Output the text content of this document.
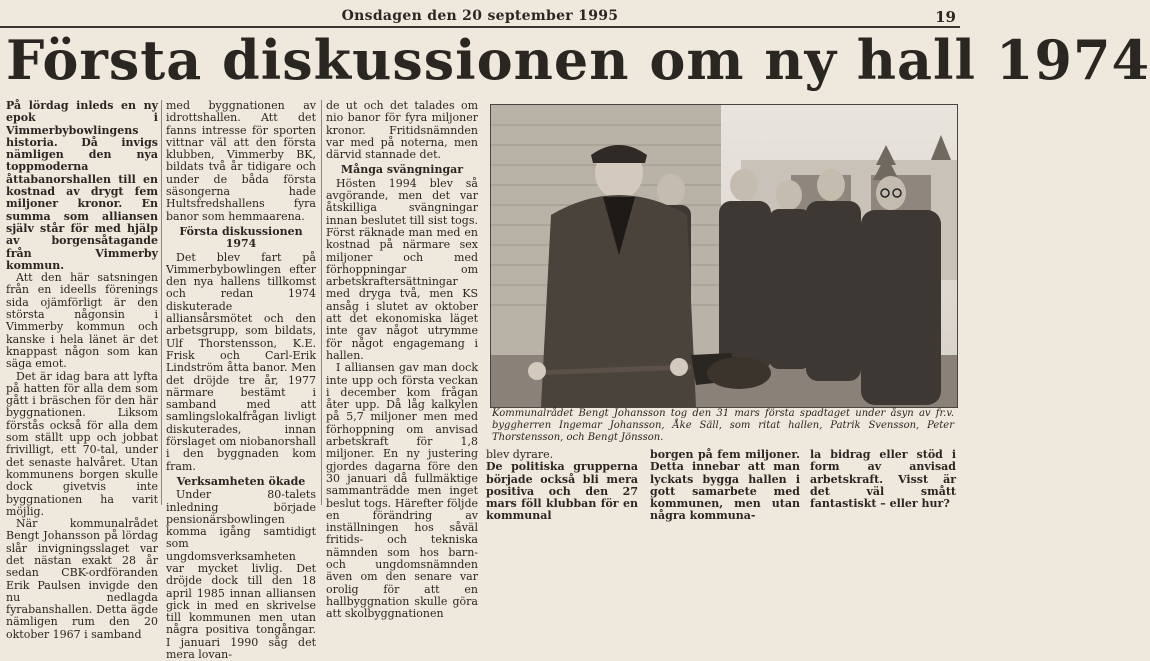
Onsdagen den 20 september 1995	19
Första diskussionen om ny hall 1974

På lördag inleds en ny epok i Vimmerbybowlingens historia. Då invigs nämligen den nya toppmoderna åttabanorshallen till en kostnad av drygt fem miljoner kronor. En summa som alliansen själv står för med hjälp av borgensåtagande från Vimmerby kommun.

Att den här satsningen från en ideells förenings sida ojämförligt är den största någonsin i Vimmerby kommun och kanske i hela länet är det knappast någon som kan säga emot.

Det är idag bara att lyfta på hatten för alla dem som gått i bräschen för den här byggnationen. Liksom förstås också för alla dem som ställt upp och jobbat frivilligt, ett 70-tal, under det senaste halvåret. Utan kommunens borgen skulle dock givetvis inte byggnationen ha varit möjlig.

När kommunalrådet Bengt Johansson på lördag slår invigningsslaget var det nästan exakt 28 år sedan CBK-ordföranden Erik Paulsen invigde den nu nedlagda fyrabanshallen. Detta ägde nämligen rum den 20 oktober 1967 i samband

med byggnationen av idrottshallen. Att det fanns intresse för sporten vittnar väl att den första klubben, Vimmerby BK, bildats två år tidigare och under de båda första säsongerna hade Hultsfredshallens fyra banor som hemmaarena.

Första diskussionen 1974

Det blev fart på Vimmerbybowlingen efter den nya hallens tillkomst och redan 1974 diskuterade alliansårsmötet och den arbetsgrupp, som bildats, Ulf Thorstensson, K.E. Frisk och Carl-Erik Lindström åtta banor. Men det dröjde tre år, 1977 närmare bestämt i samband med att samlingslokalfrågan livligt diskuterades, innan förslaget om niobanorshall i den byggnaden kom fram.

Verksamheten ökade

Under 80-talets inledning började pensionärsbowlingen komma igång samtidigt som ungdomsverksamheten var mycket livlig. Det dröjde dock till den 18 april 1985 innan alliansen gick in med en skrivelse till kommunen men utan några positiva tongångar. I januari 1990 såg det mera lovan-

de ut och det talades om nio banor för fyra miljoner kronor. Fritidsnämnden var med på noterna, men därvid stannade det.

Många svängningar

Hösten 1994 blev så avgörande, men det var åtskilliga svängningar innan beslutet till sist togs. Först räknade man med en kostnad på närmare sex miljoner och med förhoppningar om arbetskraftersättningar med dryga två, men KS ansåg i slutet av oktober att det ekonomiska läget inte gav något utrymme för något engagemang i hallen.

I alliansen gav man dock inte upp och första veckan i december kom frågan åter upp. Då låg kalkylen på 5,7 miljoner men med förhoppning om anvisad arbetskraft för 1,8 miljoner. En ny justering gjordes dagarna före den 30 januari då fullmäktige sammanträdde men inget beslut togs. Härefter följde en förändring av inställningen hos såväl fritids- och tekniska nämnden som hos barn- och ungdomsnämnden även om den senare var orolig för att en hallbyggnation skulle göra att skolbyggnationen

Kommunalrådet Bengt Johansson tog den 31 mars första spadtaget under åsyn av fr.v. byggherren Ingemar Johansson, Åke Säll, som ritat hallen, Patrik Svensson, Peter Thorstensson, och Bengt Jönsson.

blev dyrare.

De politiska grupperna började också bli mera positiva och den 27 mars föll klubban för en kommunal

borgen på fem miljoner. Detta innebar att man lyckats bygga hallen i gott samarbete med kommunen, men utan några kommuna-

la bidrag eller stöd i form av anvisad arbetskraft. Visst är det väl smått fantastiskt – eller hur?
